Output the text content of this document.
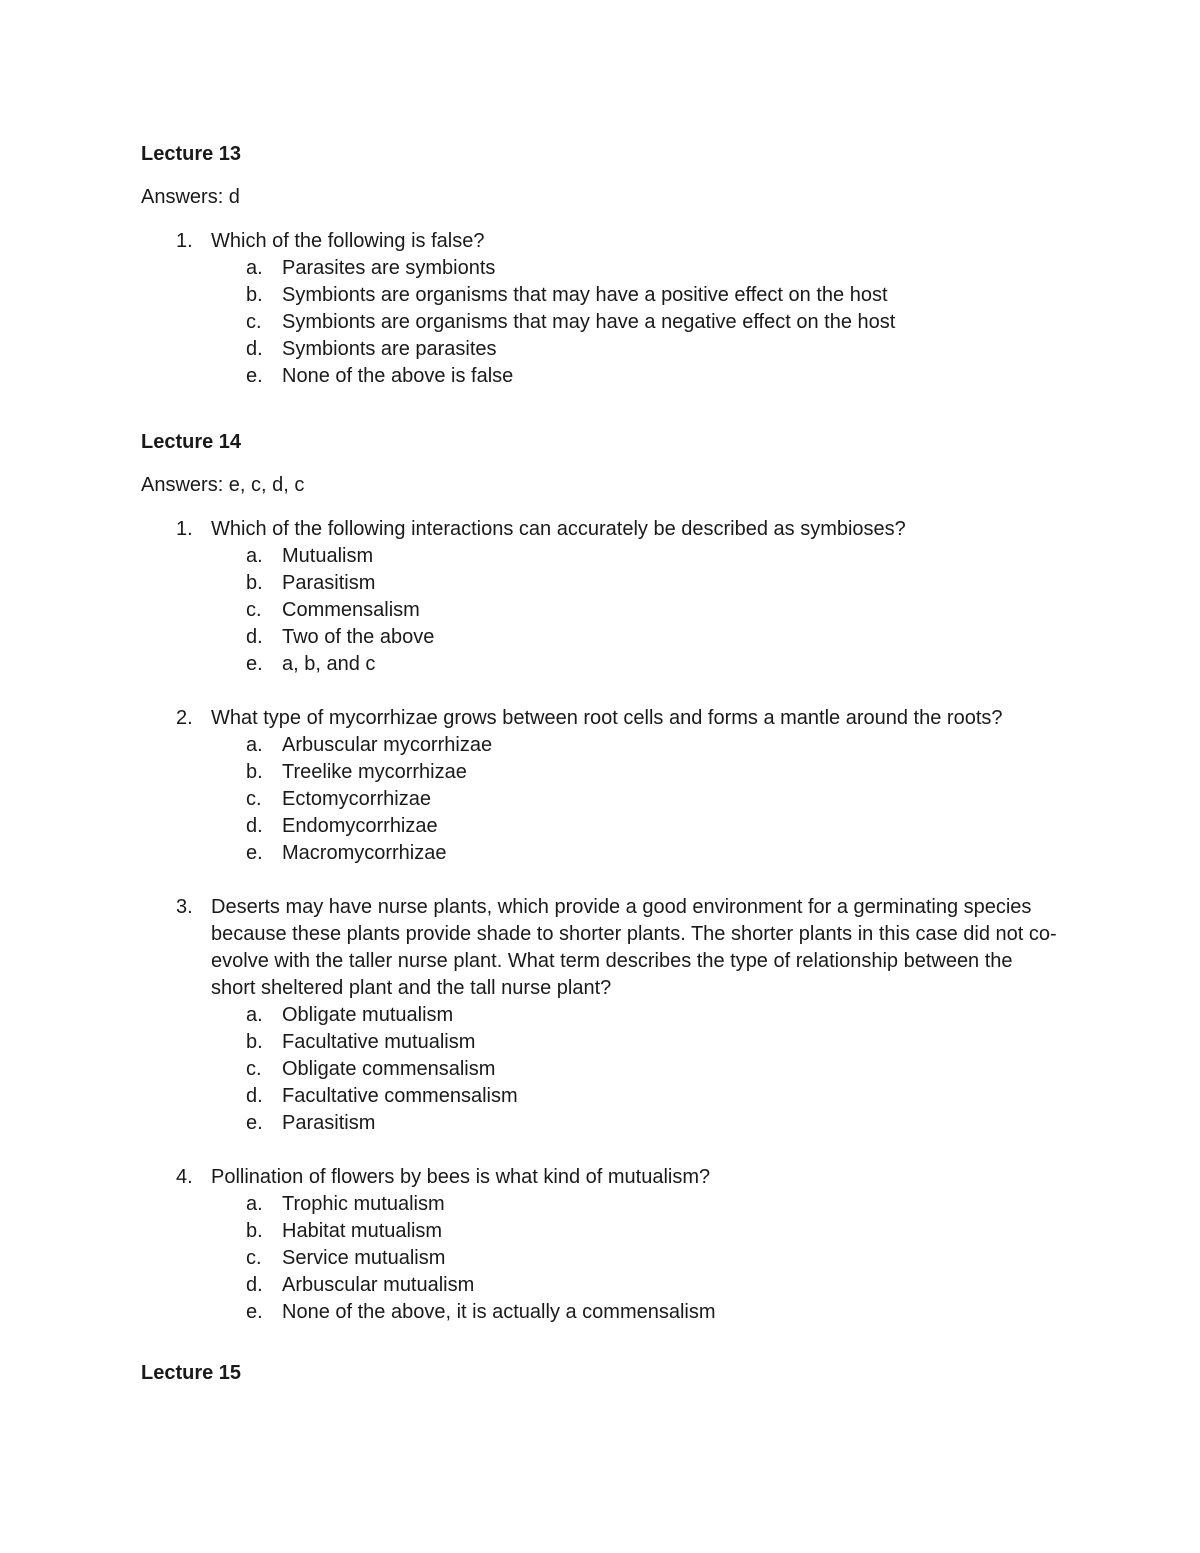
Lecture 13

Answers: d

1. Which of the following is false?
a. Parasites are symbionts
b. Symbionts are organisms that may have a positive effect on the host
c. Symbionts are organisms that may have a negative effect on the host
d. Symbionts are parasites
e. None of the above is false
Lecture 14

Answers: e, c, d, c

1. Which of the following interactions can accurately be described as symbioses?
a. Mutualism
b. Parasitism
c. Commensalism
d. Two of the above
e. a, b, and c
2. What type of mycorrhizae grows between root cells and forms a mantle around the roots?
a. Arbuscular mycorrhizae
b. Treelike mycorrhizae
c. Ectomycorrhizae
d. Endomycorrhizae
e. Macromycorrhizae
3. Deserts may have nurse plants, which provide a good environment for a germinating species because these plants provide shade to shorter plants. The shorter plants in this case did not co-evolve with the taller nurse plant. What term describes the type of relationship between the short sheltered plant and the tall nurse plant?
a. Obligate mutualism
b. Facultative mutualism
c. Obligate commensalism
d. Facultative commensalism
e. Parasitism
4. Pollination of flowers by bees is what kind of mutualism?
a. Trophic mutualism
b. Habitat mutualism
c. Service mutualism
d. Arbuscular mutualism
e. None of the above, it is actually a commensalism
Lecture 15
